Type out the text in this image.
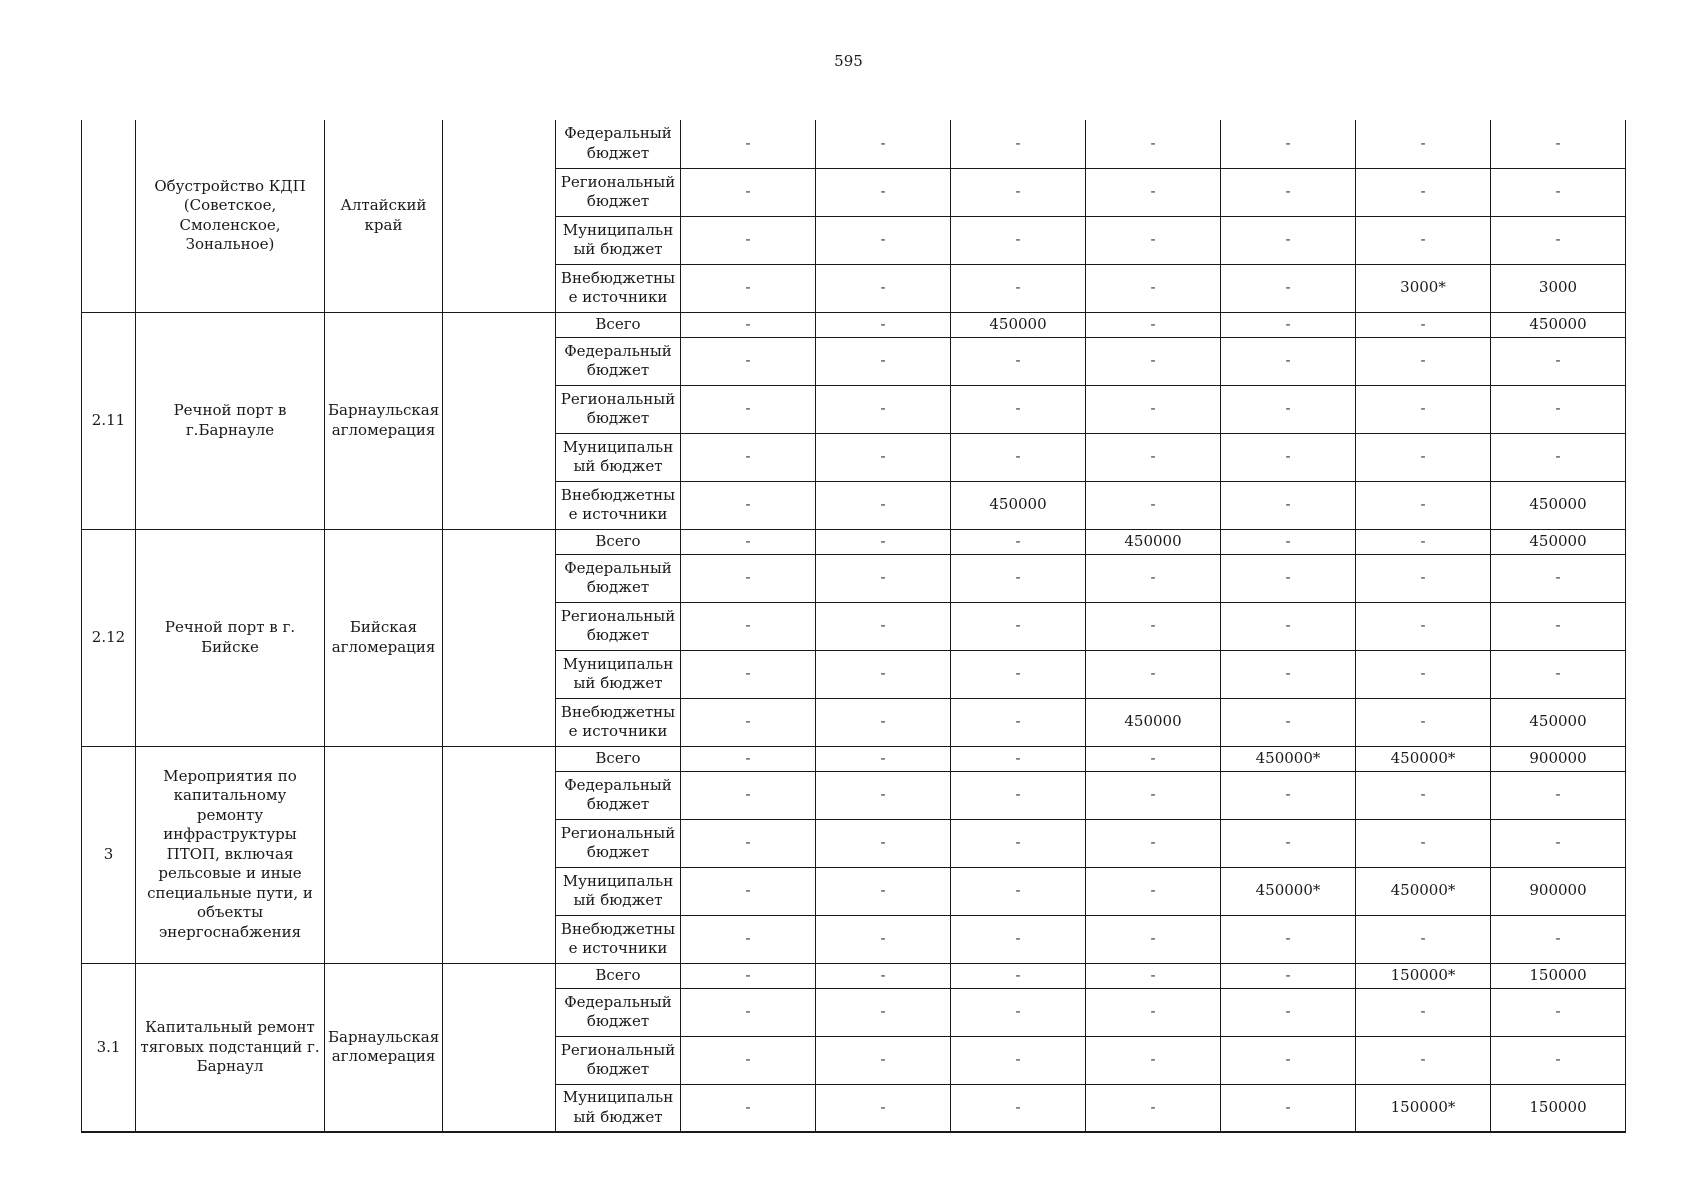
595
	Обустройство КДП (Советское, Смоленское, Зональное)	Алтайский край		Федеральный бюджет	-	-	-	-	-	-	-
				Региональный бюджет	-	-	-	-	-	-	-
				Муниципальн ый бюджет	-	-	-	-	-	-	-
				Внебюджетны е источники	-	-	-	-	-	3000*	3000
2.11	Речной порт в г.Барнауле	Барнаульская агломерация		Всего	-	-	450000	-	-	-	450000
				Федеральный бюджет	-	-	-	-	-	-	-
				Региональный бюджет	-	-	-	-	-	-	-
				Муниципальн ый бюджет	-	-	-	-	-	-	-
				Внебюджетны е источники	-	-	450000	-	-	-	450000
2.12	Речной порт в г. Бийске	Бийская агломерация		Всего	-	-	-	450000	-	-	450000
				Федеральный бюджет	-	-	-	-	-	-	-
				Региональный бюджет	-	-	-	-	-	-	-
				Муниципальн ый бюджет	-	-	-	-	-	-	-
				Внебюджетны е источники	-	-	-	450000	-	-	450000
3	Мероприятия по капитальному ремонту инфраструктуры ПТОП, включая рельсовые и иные специальные пути, и объекты энергоснабжения			Всего	-	-	-	-	450000*	450000*	900000
				Федеральный бюджет	-	-	-	-	-	-	-
				Региональный бюджет	-	-	-	-	-	-	-
				Муниципальн ый бюджет	-	-	-	-	450000*	450000*	900000
				Внебюджетны е источники	-	-	-	-	-	-	-
3.1	Капитальный ремонт тяговых подстанций г. Барнаул	Барнаульская агломерация		Всего	-	-	-	-	-	150000*	150000
				Федеральный бюджет	-	-	-	-	-	-	-
				Региональный бюджет	-	-	-	-	-	-	-
				Муниципальн ый бюджет	-	-	-	-	-	150000*	150000
